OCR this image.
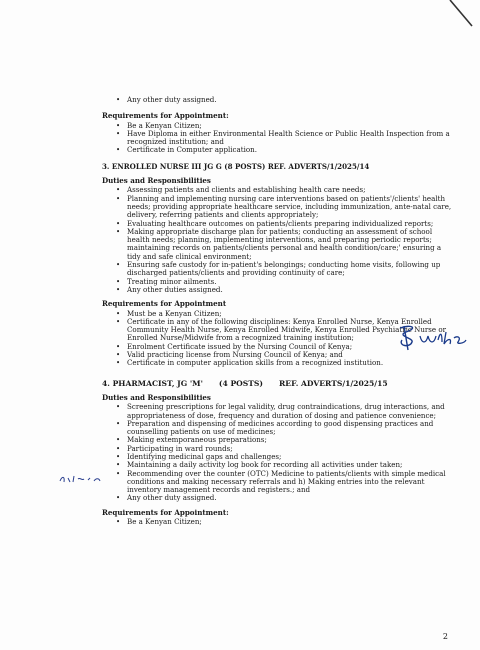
• Any other duty assigned.
Requirements for Appointment:
• Be a Kenyan Citizen;
• Have Diploma in either Environmental Health Science or Public Health Inspection from a recognized institution; and
• Certificate in Computer application.
3. ENROLLED NURSE III JG G (8 POSTS) REF. ADVERTS/1/2025/14
Duties and Responsibilities
• Assessing patients and clients and establishing health care needs;
• Planning and implementing nursing care interventions based on patients'/clients' health needs; providing appropriate healthcare service, including immunization, ante-natal care, delivery, referring patients and clients appropriately;
• Evaluating healthcare outcomes on patients/clients preparing individualized reports;
• Making appropriate discharge plan for patients; conducting an assessment of school health needs; planning, implementing interventions, and preparing periodic reports; maintaining records on patients/clients personal and health condition/care;' ensuring a tidy and safe clinical environment;
• Ensuring safe custody for in-patient's belongings; conducting home visits, following up discharged patients/clients and providing continuity of care;
• Treating minor ailments.
• Any other duties assigned.
Requirements for Appointment
• Must be a Kenyan Citizen;
• Certificate in any of the following disciplines: Kenya Enrolled Nurse, Kenya Enrolled Community Health Nurse, Kenya Enrolled Midwife, Kenya Enrolled Psychiatric Nurse or Enrolled Nurse/Midwife from a recognized training institution;
• Enrolment Certificate issued by the Nursing Council of Kenya;
• Valid practicing license from Nursing Council of Kenya; and
• Certificate in computer application skills from a recognized institution.
4. PHARMACIST, JG 'M' (4 POSTS) REF. ADVERTS/1/2025/15
Duties and Responsibilities
• Screening prescriptions for legal validity, drug contraindications, drug interactions, and appropriateness of dose, frequency and duration of dosing and patience convenience;
• Preparation and dispensing of medicines according to good dispensing practices and counselling patients on use of medicines;
• Making extemporaneous preparations;
• Participating in ward rounds;
• Identifying medicinal gaps and challenges;
• Maintaining a daily activity log book for recording all activities under taken;
• Recommending over the counter (OTC) Medicine to patients/clients with simple medical conditions and making necessary referrals and h) Making entries into the relevant inventory management records and registers.; and
• Any other duty assigned.
Requirements for Appointment:
• Be a Kenyan Citizen;
2
